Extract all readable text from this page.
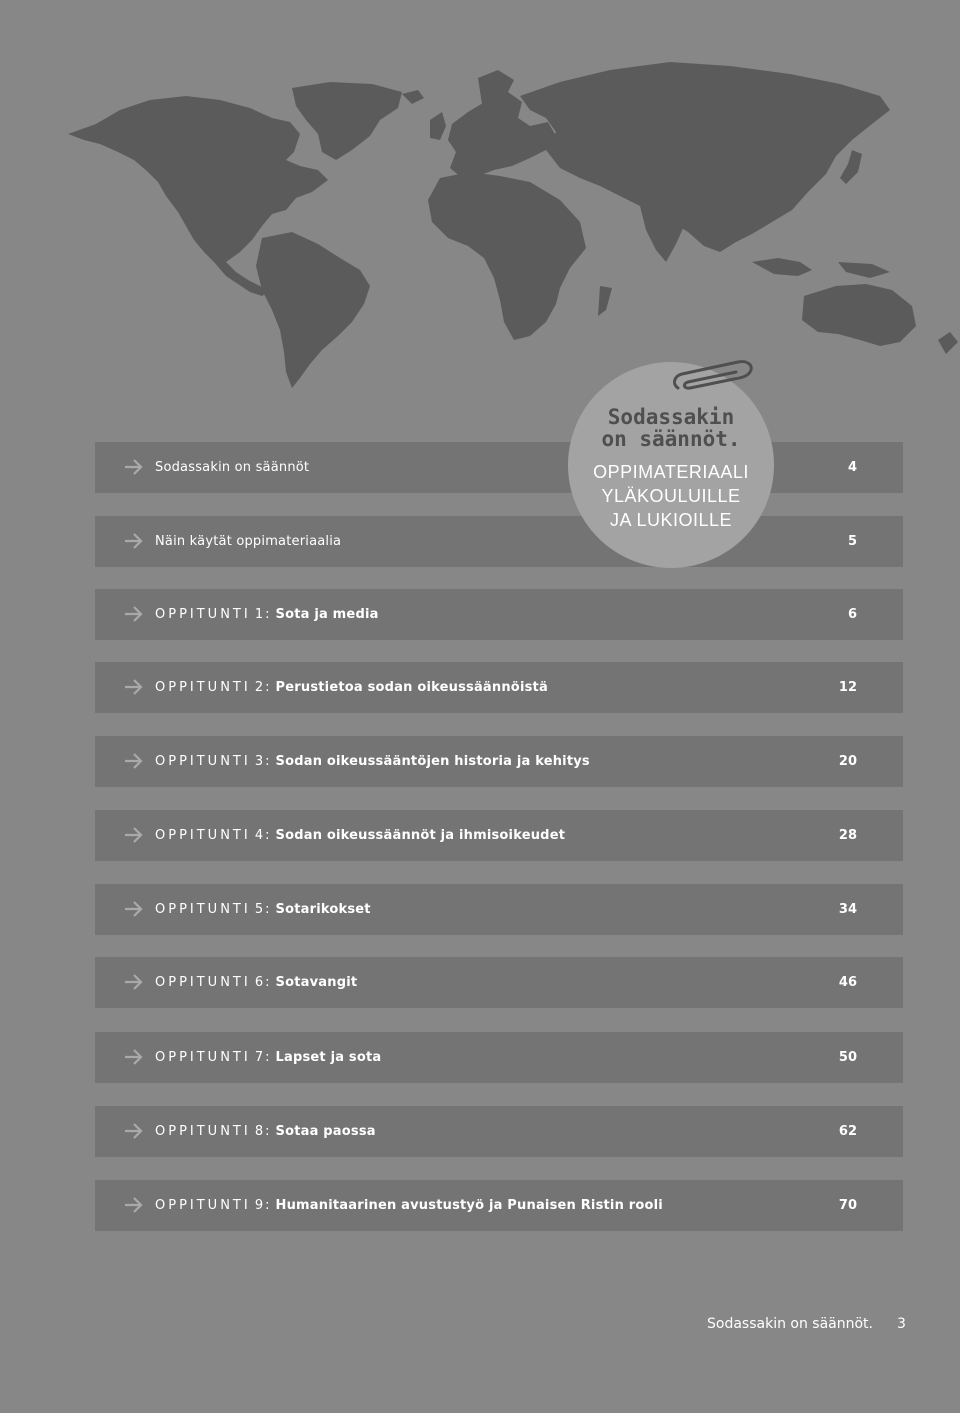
Sodassakin on säännöt	4
Näin käytät oppimateriaalia	5
OPPITUNTI 1: Sota ja media	6
OPPITUNTI 2: Perustietoa sodan oikeussäännöistä	12
OPPITUNTI 3: Sodan oikeussääntöjen historia ja kehitys	20
OPPITUNTI 4: Sodan oikeussäännöt ja ihmisoikeudet	28
OPPITUNTI 5: Sotarikokset	34
OPPITUNTI 6: Sotavangit	46
OPPITUNTI 7: Lapset ja sota	50
OPPITUNTI 8: Sotaa paossa	62
OPPITUNTI 9: Humanitaarinen avustustyö ja Punaisen Ristin rooli	70
Sodassakin
on säännöt.
OPPIMATERIAALI
YLÄKOULUILLE
JA LUKIOILLE
Sodassakin on säännöt. 3
